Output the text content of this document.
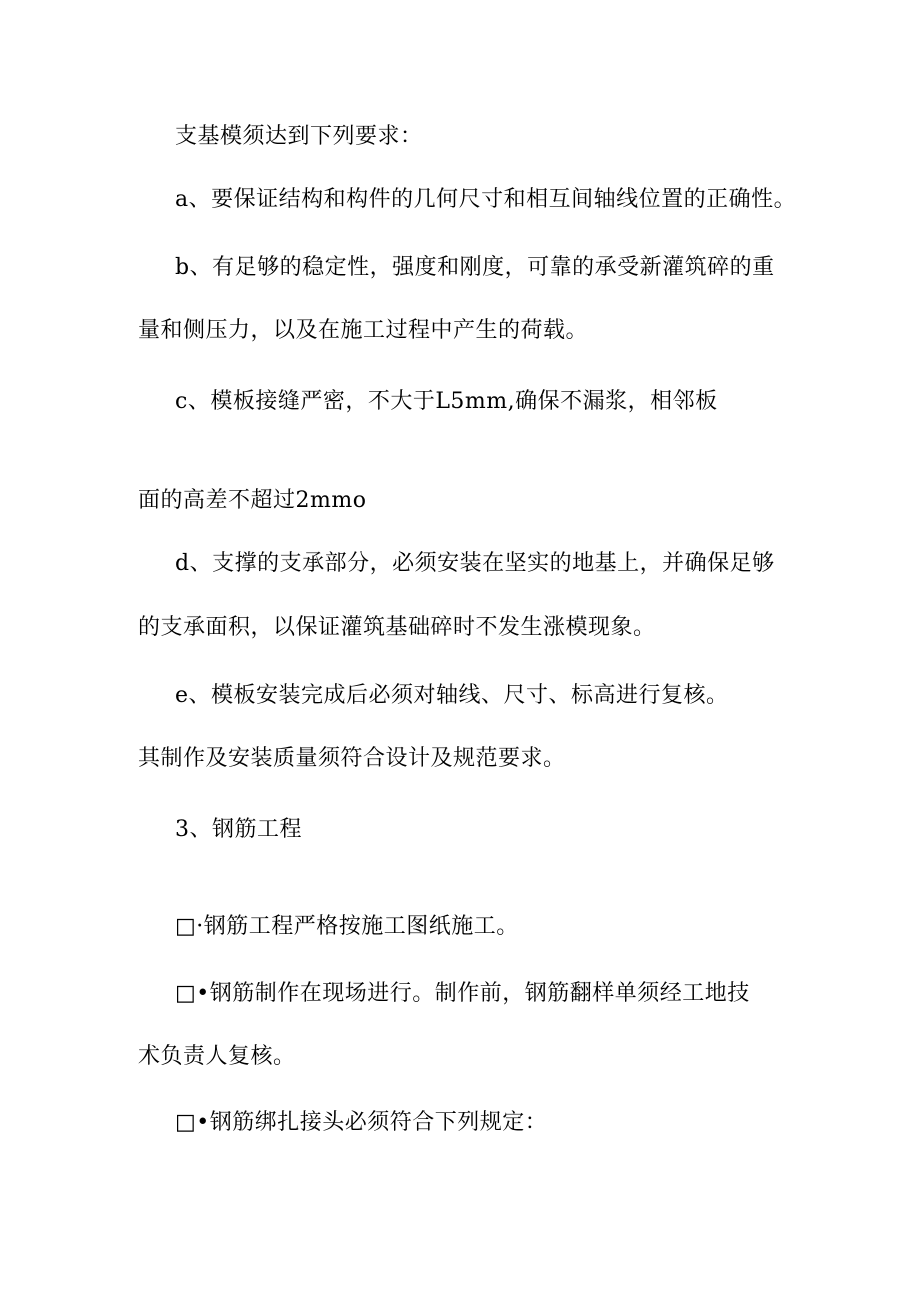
支基模须达到下列要求：
a、要保证结构和构件的几何尺寸和相互间轴线位置的正确性。
b、有足够的稳定性，强度和刚度，可靠的承受新灌筑碎的重
量和侧压力，以及在施工过程中产生的荷载。
c、模板接缝严密，不大于L5mm,确保不漏浆，相邻板
面的高差不超过2mmo
d、支撑的支承部分，必须安装在坚实的地基上，并确保足够
的支承面积，以保证灌筑基础碎时不发生涨模现象。
e、模板安装完成后必须对轴线、尺寸、标高进行复核。
其制作及安装质量须符合设计及规范要求。
3、钢筋工程
□·钢筋工程严格按施工图纸施工。
□•钢筋制作在现场进行。制作前，钢筋翻样单须经工地技
术负责人复核。
□•钢筋绑扎接头必须符合下列规定：
